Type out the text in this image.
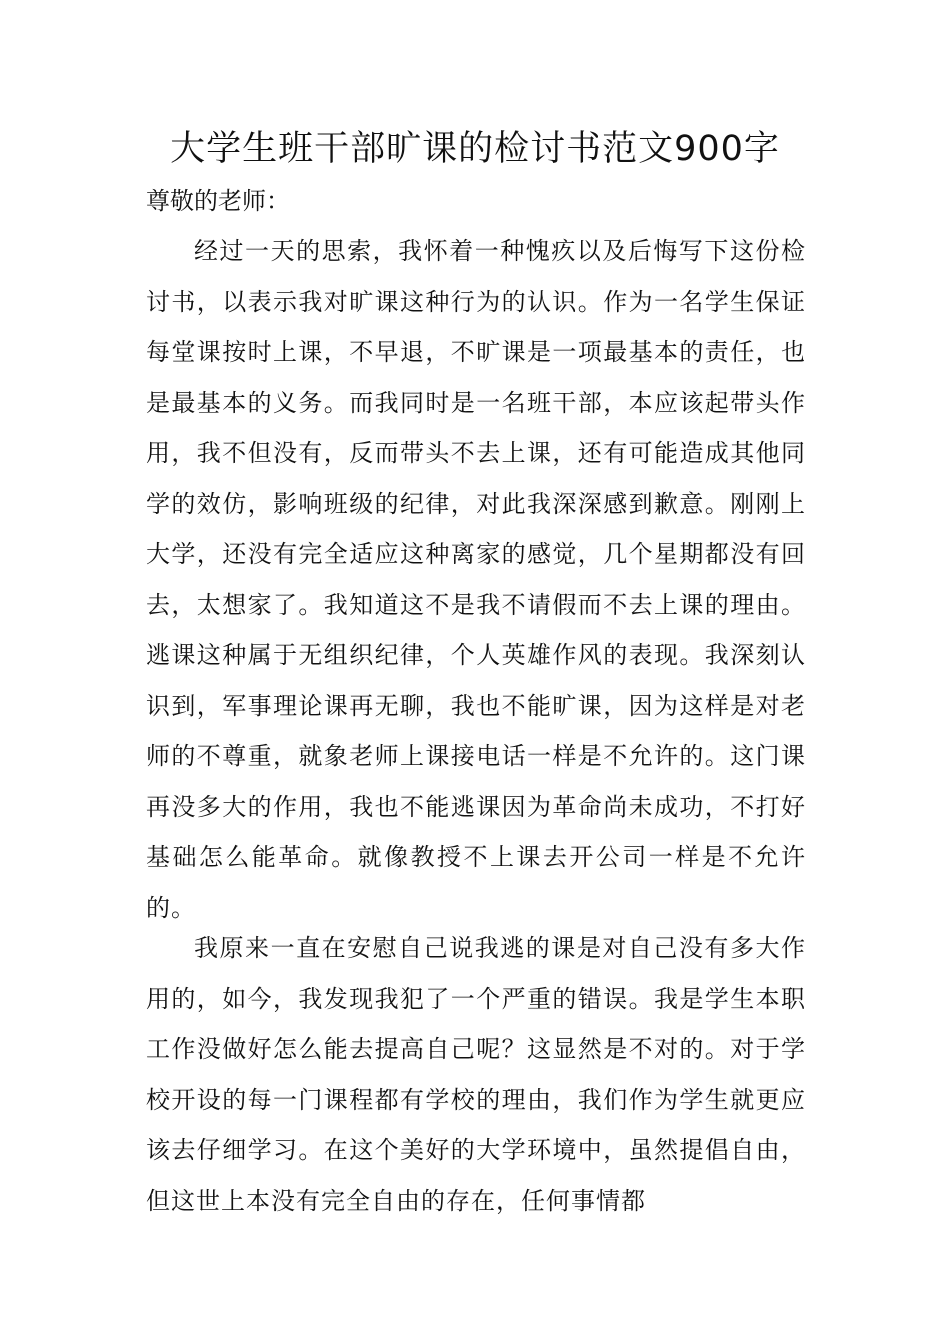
大学生班干部旷课的检讨书范文900字

尊敬的老师：

经过一天的思索，我怀着一种愧疚以及后悔写下这份检讨书，以表示我对旷课这种行为的认识。作为一名学生保证每堂课按时上课，不早退，不旷课是一项最基本的责任，也是最基本的义务。而我同时是一名班干部，本应该起带头作用，我不但没有，反而带头不去上课，还有可能造成其他同学的效仿，影响班级的纪律，对此我深深感到歉意。刚刚上大学，还没有完全适应这种离家的感觉，几个星期都没有回去，太想家了。我知道这不是我不请假而不去上课的理由。逃课这种属于无组织纪律，个人英雄作风的表现。我深刻认识到，军事理论课再无聊，我也不能旷课，因为这样是对老师的不尊重，就象老师上课接电话一样是不允许的。这门课再没多大的作用，我也不能逃课因为革命尚未成功，不打好基础怎么能革命。就像教授不上课去开公司一样是不允许的。

我原来一直在安慰自己说我逃的课是对自己没有多大作用的，如今，我发现我犯了一个严重的错误。我是学生本职工作没做好怎么能去提高自己呢？这显然是不对的。对于学校开设的每一门课程都有学校的理由，我们作为学生就更应该去仔细学习。在这个美好的大学环境中，虽然提倡自由，但这世上本没有完全自由的存在，任何事情都
